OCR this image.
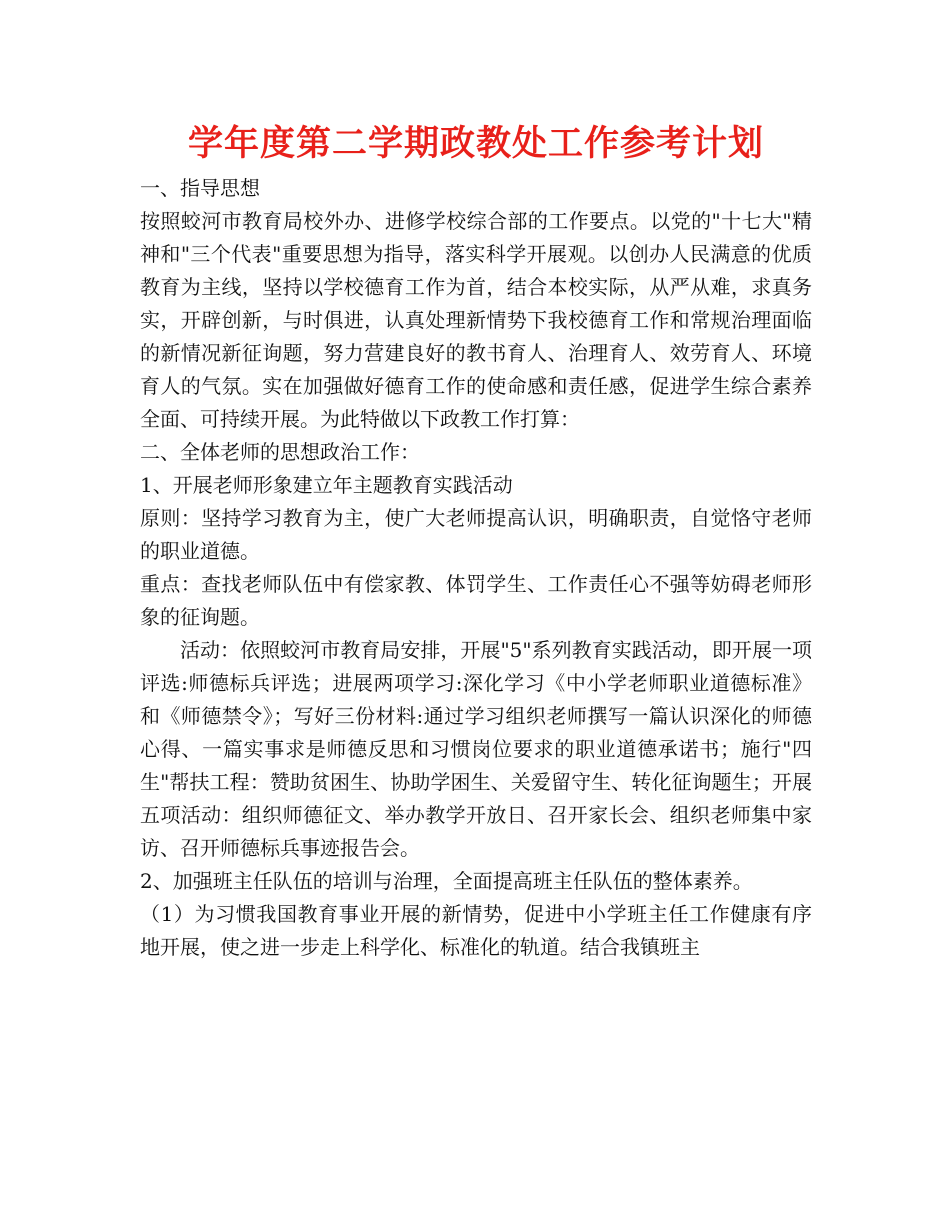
学年度第二学期政教处工作参考计划

一、指导思想

按照蛟河市教育局校外办、进修学校综合部的工作要点。以党的"十七大"精神和"三个代表"重要思想为指导，落实科学开展观。以创办人民满意的优质教育为主线，坚持以学校德育工作为首，结合本校实际，从严从难，求真务实，开辟创新，与时俱进，认真处理新情势下我校德育工作和常规治理面临的新情况新征询题，努力营建良好的教书育人、治理育人、效劳育人、环境育人的气氛。实在加强做好德育工作的使命感和责任感，促进学生综合素养全面、可持续开展。为此特做以下政教工作打算：

二、全体老师的思想政治工作：

1、开展老师形象建立年主题教育实践活动

原则：坚持学习教育为主，使广大老师提高认识，明确职责，自觉恪守老师的职业道德。

重点：查找老师队伍中有偿家教、体罚学生、工作责任心不强等妨碍老师形象的征询题。

活动：依照蛟河市教育局安排，开展"5"系列教育实践活动，即开展一项评选:师德标兵评选；进展两项学习:深化学习《中小学老师职业道德标准》和《师德禁令》；写好三份材料:通过学习组织老师撰写一篇认识深化的师德心得、一篇实事求是师德反思和习惯岗位要求的职业道德承诺书；施行"四生"帮扶工程：赞助贫困生、协助学困生、关爱留守生、转化征询题生；开展五项活动：组织师德征文、举办教学开放日、召开家长会、组织老师集中家访、召开师德标兵事迹报告会。

2、加强班主任队伍的培训与治理，全面提高班主任队伍的整体素养。

（1）为习惯我国教育事业开展的新情势，促进中小学班主任工作健康有序地开展，使之进一步走上科学化、标准化的轨道。结合我镇班主
